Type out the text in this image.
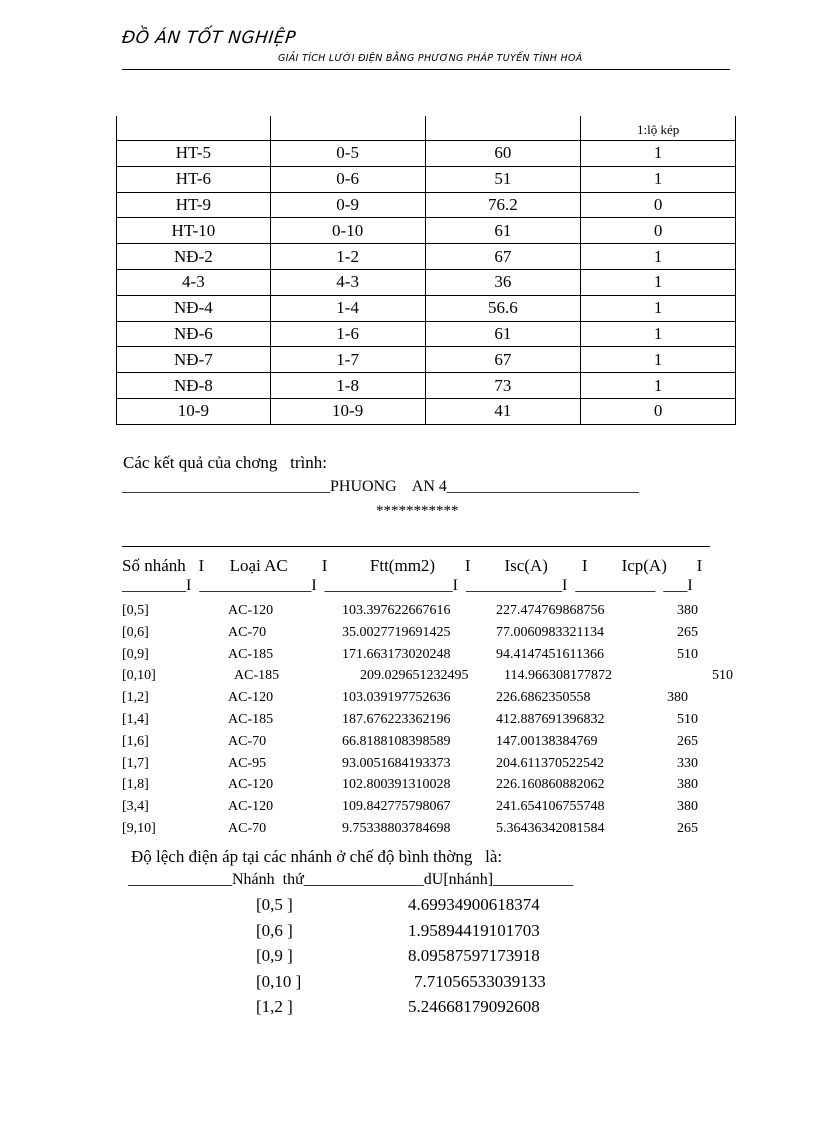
ĐỒ ÁN TỐT NGHIỆP
GIẢI TÍCH LƯỚI ĐIỆN BẰNG PHƯƠNG PHÁP TUYẾN TÍNH HOÁ
			1:lộ kép
HT-5	0-5	60	1
HT-6	0-6	51	1
HT-9	0-9	76.2	0
HT-10	0-10	61	0
NĐ-2	1-2	67	1
4-3	4-3	36	1
NĐ-4	1-4	56.6	1
NĐ-6	1-6	61	1
NĐ-7	1-7	67	1
NĐ-8	1-8	73	1
10-9	10-9	41	0
Các kết quả của chơng   trình:
__________________________PHUONG    AN 4________________________
***********
Số nhánh   I      Loại AC        I          Ftt(mm2)       I        Isc(A)        I        Icp(A)       I
________I  ______________I  ________________I  ____________I  __________  ___I
[0,5]	AC-120	103.397622667616	227.474769868756	380
[0,6]	AC-70	35.0027719691425	77.0060983321134	265
[0,9]	AC-185	171.663173020248	94.4147451611366	510
[0,10]	AC-185	209.029651232495	114.966308177872	510
[1,2]	AC-120	103.039197752636	226.6862350558	380
[1,4]	AC-185	187.676223362196	412.887691396832	510
[1,6]	AC-70	66.8188108398589	147.00138384769	265
[1,7]	AC-95	93.0051684193373	204.611370522542	330
[1,8]	AC-120	102.800391310028	226.160860882062	380
[3,4]	AC-120	109.842775798067	241.654106755748	380
[9,10]	AC-70	9.75338803784698	5.36436342081584	265
Độ lệch điện áp tại các nhánh ở chế độ bình thờng   là:
_____________Nhánh  thứ_______________dU[nhánh]__________
[0,5 ]	4.69934900618374
[0,6 ]	1.95894419101703
[0,9 ]	8.09587597173918
[0,10 ]	7.71056533039133
[1,2 ]	5.24668179092608
